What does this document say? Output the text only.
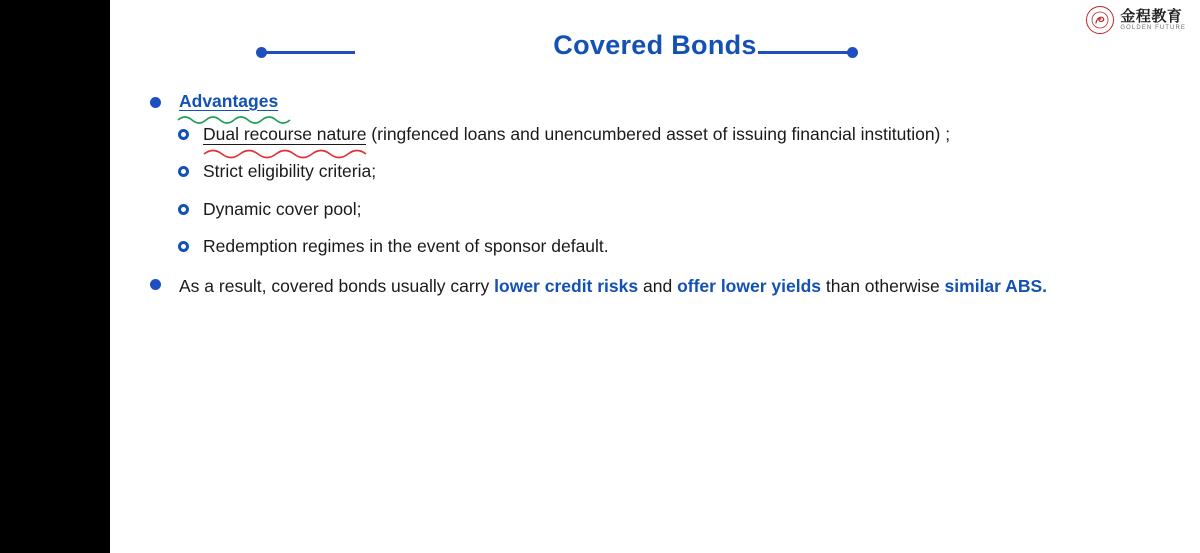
金程教育
GOLDEN FUTURE
Covered Bonds
Advantages
Dual recourse nature (ringfenced loans and unencumbered asset of issuing financial institution) ;
Strict eligibility criteria;
Dynamic cover pool;
Redemption regimes in the event of sponsor default.
As a result, covered bonds usually carry lower credit risks and offer lower yields than otherwise similar ABS.
